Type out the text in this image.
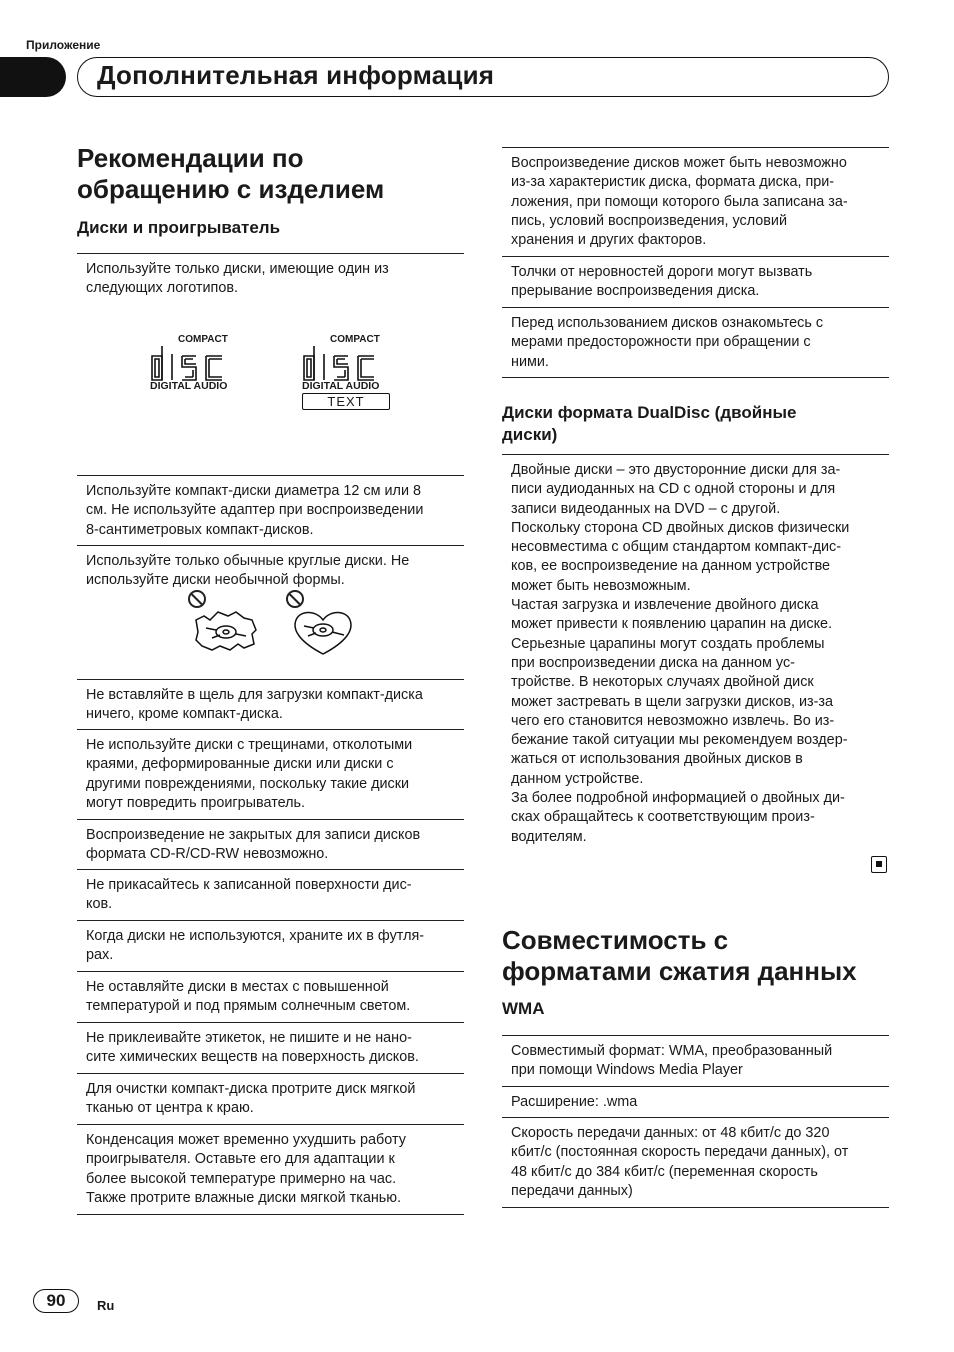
Приложение
Дополнительная информация
Рекомендации по
обращению с изделием
Диски и проигрыватель
Используйте только диски, имеющие один из
следующих логотипов.
COMPACT
DIGITAL AUDIO
COMPACT
DIGITAL AUDIO
TEXT
Используйте компакт-диски диаметра 12 см или 8
см. Не используйте адаптер при воспроизведении
8-сантиметровых компакт-дисков.
Используйте только обычные круглые диски. Не
используйте диски необычной формы.
Не вставляйте в щель для загрузки компакт-диска
ничего, кроме компакт-диска.
Не используйте диски с трещинами, отколотыми
краями, деформированные диски или диски с
другими повреждениями, поскольку такие диски
могут повредить проигрыватель.
Воспроизведение не закрытых для записи дисков
формата CD-R/CD-RW невозможно.
Не прикасайтесь к записанной поверхности дис-
ков.
Когда диски не используются, храните их в футля-
рах.
Не оставляйте диски в местах с повышенной
температурой и под прямым солнечным светом.
Не приклеивайте этикеток, не пишите и не нано-
сите химических веществ на поверхность дисков.
Для очистки компакт-диска протрите диск мягкой
тканью от центра к краю.
Конденсация может временно ухудшить работу
проигрывателя. Оставьте его для адаптации к
более высокой температуре примерно на час.
Также протрите влажные диски мягкой тканью.
Воспроизведение дисков может быть невозможно
из-за характеристик диска, формата диска, при-
ложения, при помощи которого была записана за-
пись, условий воспроизведения, условий
хранения и других факторов.
Толчки от неровностей дороги могут вызвать
прерывание воспроизведения диска.
Перед использованием дисков ознакомьтесь с
мерами предосторожности при обращении с
ними.
Диски формата DualDisc (двойные
диски)
Двойные диски – это двусторонние диски для за-
писи аудиоданных на CD с одной стороны и для
записи видеоданных на DVD – с другой.
Поскольку сторона CD двойных дисков физически
несовместима с общим стандартом компакт-дис-
ков, ее воспроизведение на данном устройстве
может быть невозможным.
Частая загрузка и извлечение двойного диска
может привести к появлению царапин на диске.
Серьезные царапины могут создать проблемы
при воспроизведении диска на данном ус-
тройстве. В некоторых случаях двойной диск
может застревать в щели загрузки дисков, из-за
чего его становится невозможно извлечь. Во из-
бежание такой ситуации мы рекомендуем воздер-
жаться от использования двойных дисков в
данном устройстве.
За более подробной информацией о двойных ди-
сках обращайтесь к соответствующим произ-
водителям.
Совместимость с
форматами сжатия данных
WMA
Совместимый формат: WMA, преобразованный
при помощи Windows Media Player
Расширение: .wma
Скорость передачи данных: от 48 кбит/с до 320
кбит/с (постоянная скорость передачи данных), от
48 кбит/с до 384 кбит/с (переменная скорость
передачи данных)
90	Ru
